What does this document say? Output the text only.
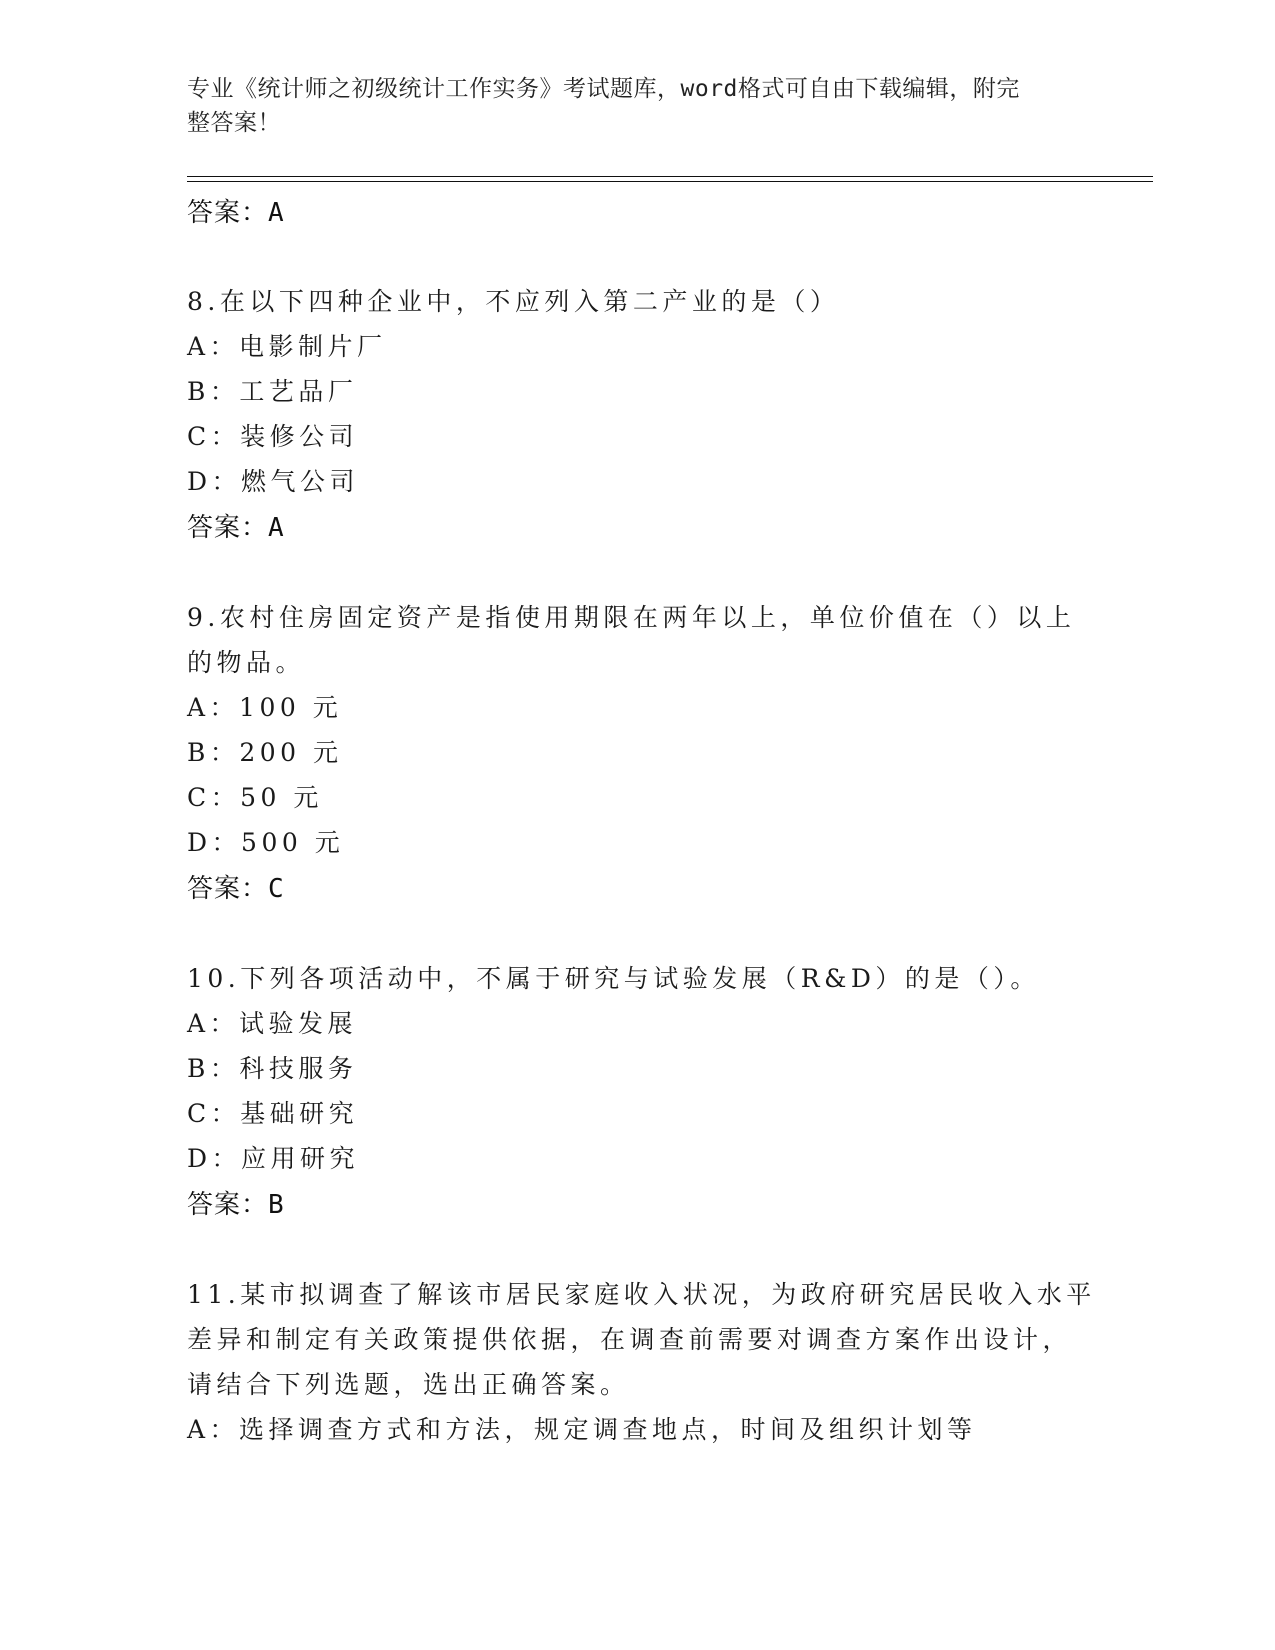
专业《统计师之初级统计工作实务》考试题库，word格式可自由下载编辑，附完
整答案！
答案：A
8.在以下四种企业中，不应列入第二产业的是（）
A：电影制片厂
B：工艺品厂
C：装修公司
D：燃气公司
答案：A
9.农村住房固定资产是指使用期限在两年以上，单位价值在（）以上
的物品。
A：100 元
B：200 元
C：50 元
D：500 元
答案：C
10.下列各项活动中，不属于研究与试验发展（R&D）的是（）。
A：试验发展
B：科技服务
C：基础研究
D：应用研究
答案：B
11.某市拟调查了解该市居民家庭收入状况，为政府研究居民收入水平
差异和制定有关政策提供依据，在调查前需要对调查方案作出设计，
请结合下列选题，选出正确答案。
A：选择调查方式和方法，规定调查地点，时间及组织计划等
